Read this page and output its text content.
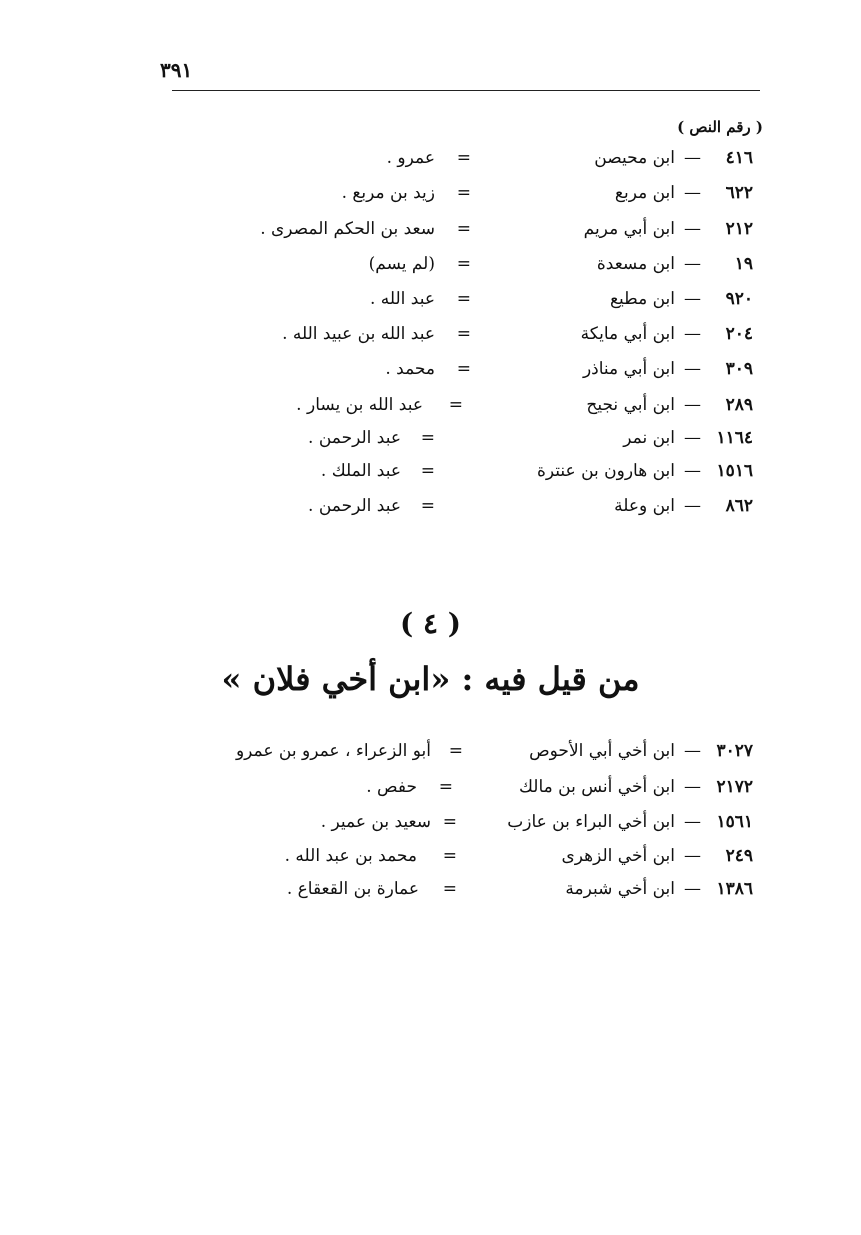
٣٩١
( رقم النص )
٤١٦
—
ابن محيصن
=
عمرو .
٦٢٢
—
ابن مربع
=
زيد بن مربع .
٢١٢
—
ابن أبي مريم
=
سعد بن الحكم المصرى .
١٩
—
ابن مسعدة
=
(لم يسم)
٩٢٠
—
ابن مطيع
=
عبد الله .
٢٠٤
—
ابن أبي مايكة
=
عبد الله بن عبيد الله .
٣٠٩
—
ابن أبي مناذر
=
محمد .
٢٨٩
—
ابن أبي نجيح
=
عبد الله بن يسار .
١١٦٤
—
ابن نمر
=
عبد الرحمن .
١٥١٦
—
ابن هارون بن عنترة
=
عبد الملك .
٨٦٢
—
ابن وعلة
=
عبد الرحمن .
( ٤ )
من قيل فيه : «ابن أخي فلان »
٣٠٢٧
—
ابن أخي أبي الأحوص
=
أبو الزعراء ، عمرو بن عمرو
٢١٧٢
—
ابن أخي أنس بن مالك
=
حفص .
١٥٦١
—
ابن أخي البراء بن عازب
=
سعيد بن عمير .
٢٤٩
—
ابن أخي الزهرى
=
محمد بن عبد الله .
١٣٨٦
—
ابن أخي شبرمة
=
عمارة بن القعقاع .
